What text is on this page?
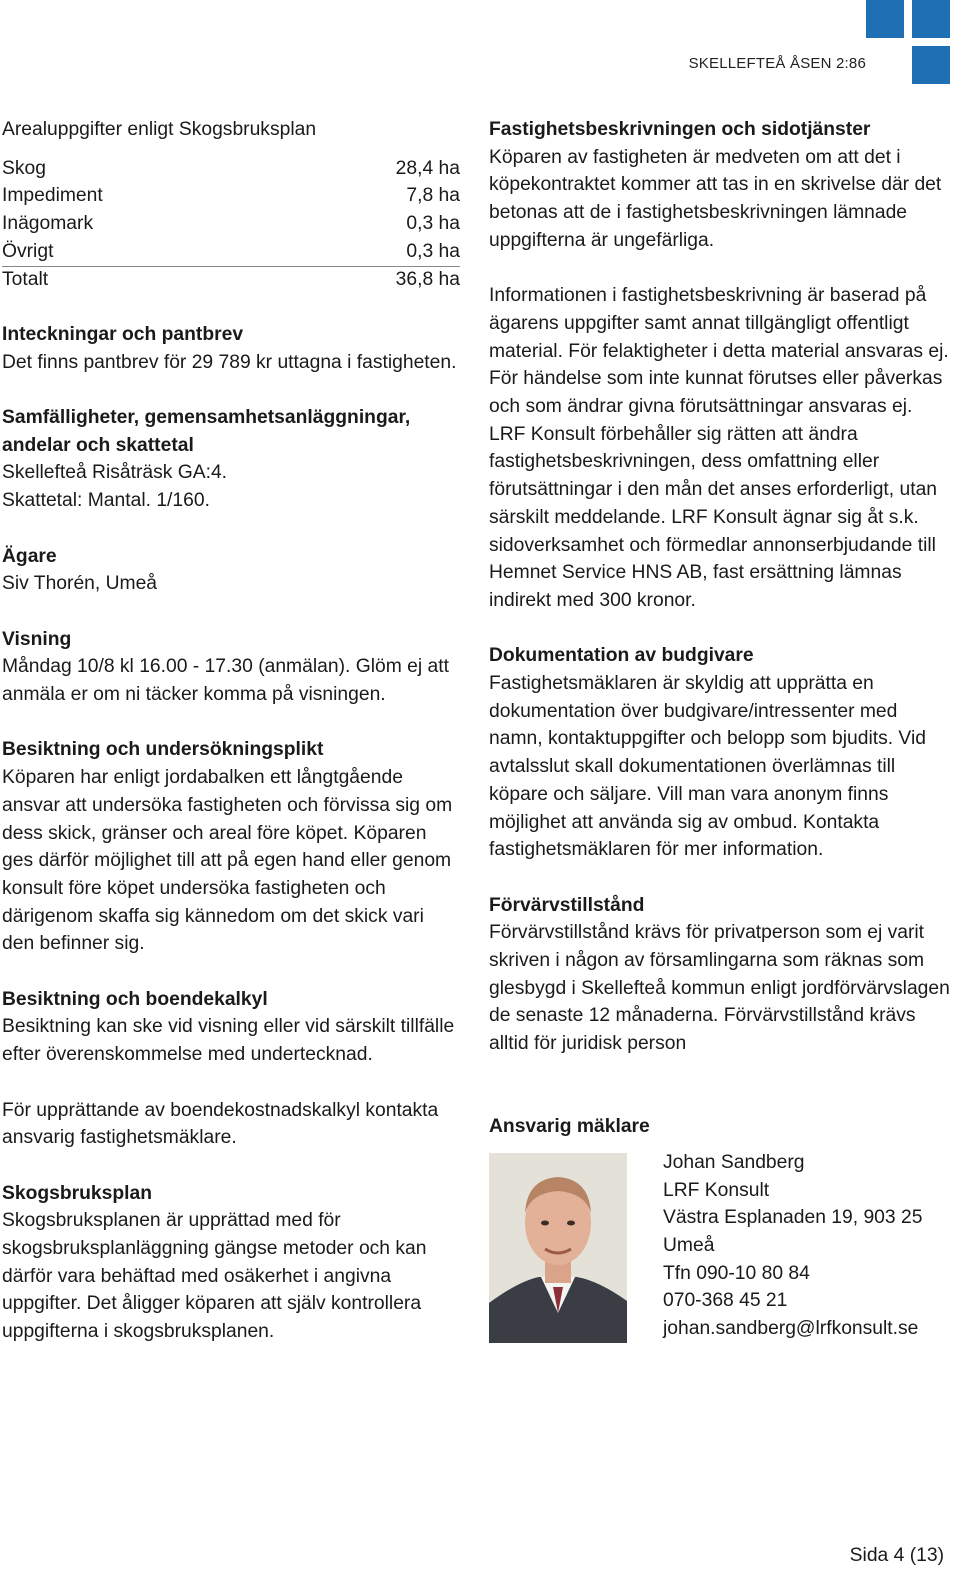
SKELLEFTEÅ ÅSEN 2:86
Arealuppgifter enligt Skogsbruksplan
Skog	28,4 ha
Impediment	7,8 ha
Inägomark	0,3 ha
Övrigt	0,3 ha
Totalt	36,8 ha
Inteckningar och pantbrev

Det finns pantbrev för 29 789 kr uttagna i fastigheten.

Samfälligheter, gemensamhetsanläggningar, andelar och skattetal

Skellefteå Risåträsk GA:4.

Skattetal: Mantal. 1/160.

Ägare

Siv Thorén, Umeå

Visning

Måndag 10/8 kl 16.00 - 17.30 (anmälan). Glöm ej att anmäla er om ni täcker komma på visningen.

Besiktning och undersökningsplikt

Köparen har enligt jordabalken ett långtgående ansvar att undersöka fastigheten och förvissa sig om dess skick, gränser och areal före köpet. Köparen ges därför möjlighet till att på egen hand eller genom konsult före köpet undersöka fastigheten och därigenom skaffa sig kännedom om det skick vari den befinner sig.

Besiktning och boendekalkyl

Besiktning kan ske vid visning eller vid särskilt tillfälle efter överenskommelse med undertecknad.

För upprättande av boendekostnadskalkyl kontakta ansvarig fastighetsmäklare.

Skogsbruksplan

Skogsbruksplanen är upprättad med för skogsbruksplanläggning gängse metoder och kan därför vara behäftad med osäkerhet i angivna uppgifter. Det åligger köparen att själv kontrollera uppgifterna i skogsbruksplanen.

Fastighetsbeskrivningen och sidotjänster

Köparen av fastigheten är medveten om att det i köpekontraktet kommer att tas in en skrivelse där det betonas att de i fastighetsbeskrivningen lämnade uppgifterna är ungefärliga.

Informationen i fastighetsbeskrivning är baserad på ägarens uppgifter samt annat tillgängligt offentligt material. För felaktigheter i detta material ansvaras ej. För händelse som inte kunnat förutses eller påverkas och som ändrar givna förutsättningar ansvaras ej. LRF Konsult förbehåller sig rätten att ändra fastighetsbeskrivningen, dess omfattning eller förutsättningar i den mån det anses erforderligt, utan särskilt meddelande. LRF Konsult ägnar sig åt s.k. sidoverksamhet och förmedlar annonserbjudande till Hemnet Service HNS AB, fast ersättning lämnas indirekt med 300 kronor.

Dokumentation av budgivare

Fastighetsmäklaren är skyldig att upprätta en dokumentation över budgivare/intressenter med namn, kontaktuppgifter och belopp som bjudits. Vid avtalsslut skall dokumentationen överlämnas till köpare och säljare. Vill man vara anonym finns möjlighet att använda sig av ombud. Kontakta fastighetsmäklaren för mer information.

Förvärvstillstånd

Förvärvstillstånd krävs för privatperson som ej varit skriven i någon av församlingarna som räknas som glesbygd i Skellefteå kommun enligt jordförvärvslagen de senaste 12 månaderna. Förvärvstillstånd krävs alltid för juridisk person

Ansvarig mäklare
Johan Sandberg
LRF Konsult
Västra Esplanaden 19, 903 25
Umeå
Tfn 090-10 80 84
070-368 45 21
johan.sandberg@lrfkonsult.se
Sida 4 (13)
